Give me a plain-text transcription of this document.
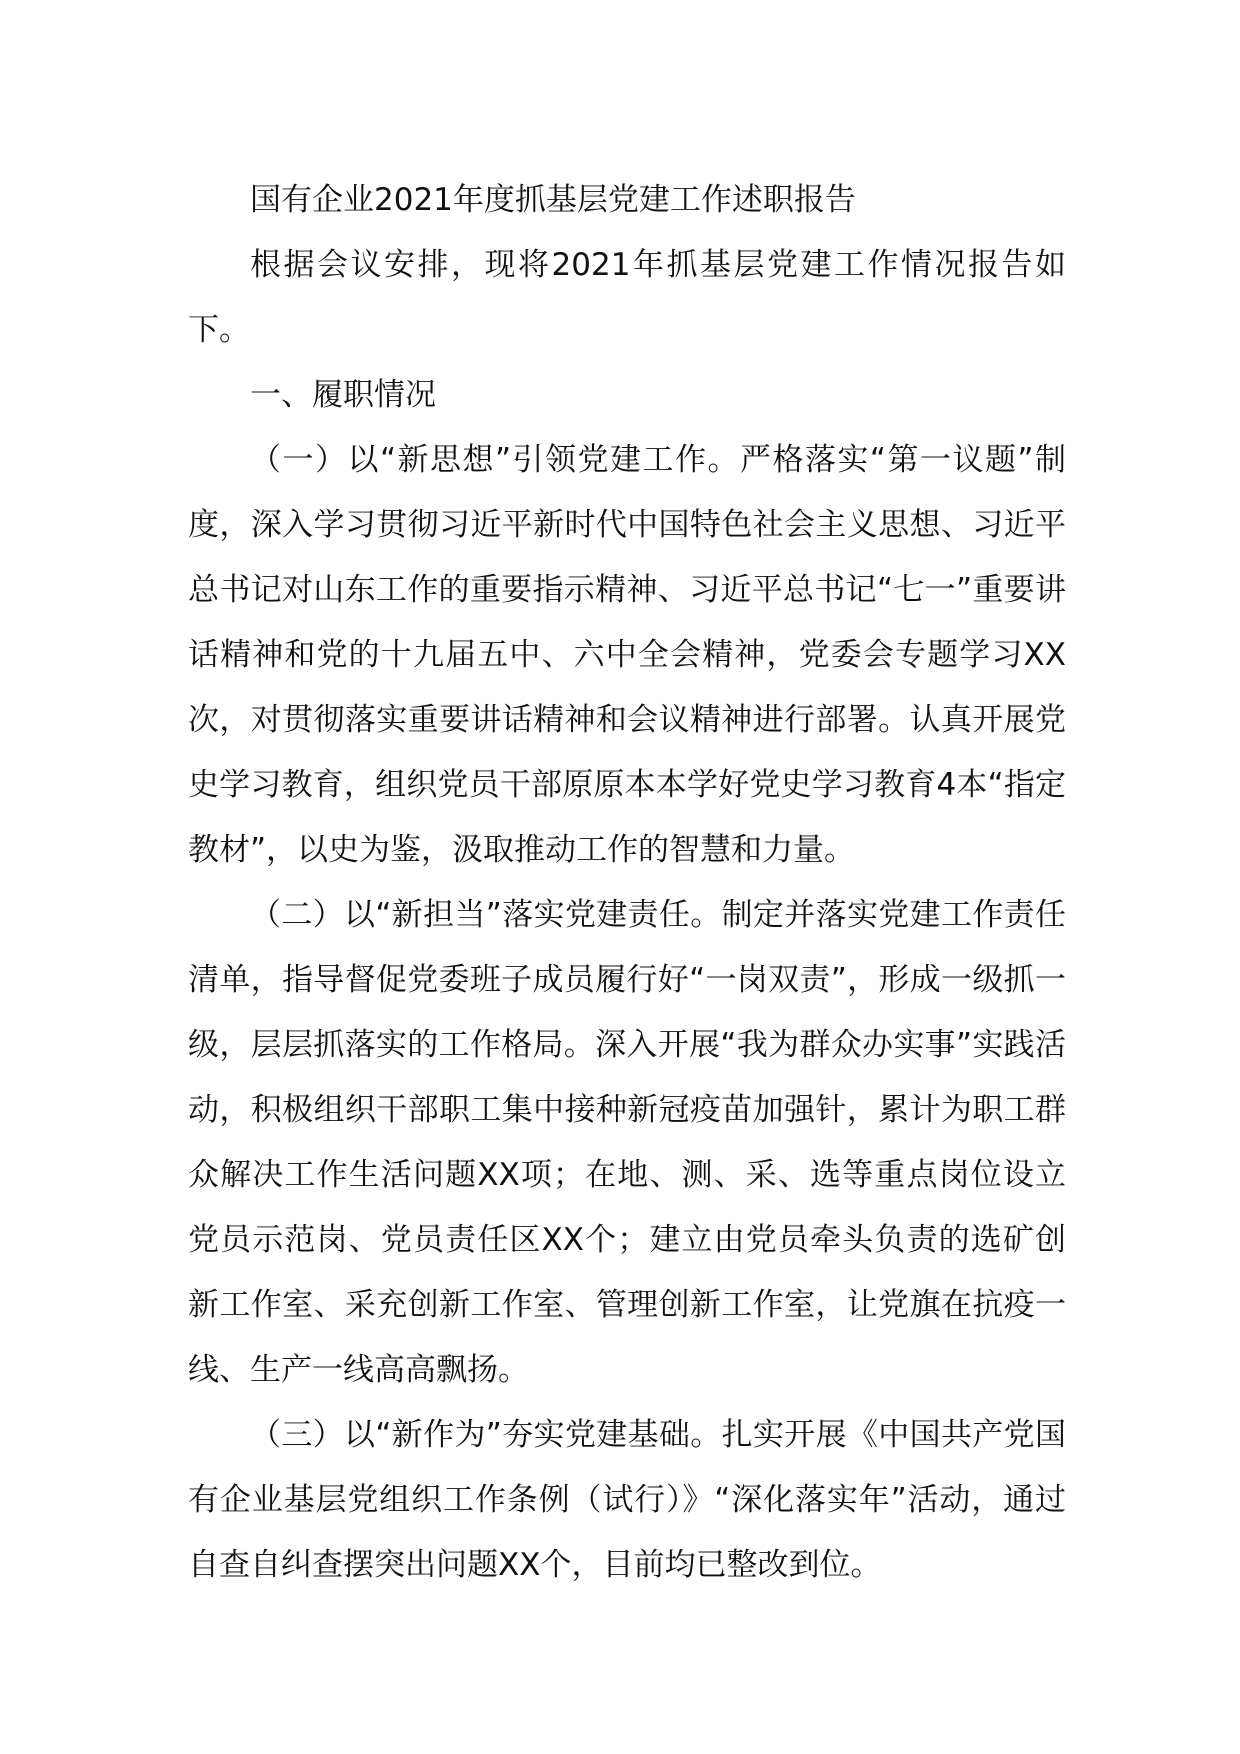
国有企业2021年度抓基层党建工作述职报告

根据会议安排，现将2021年抓基层党建工作情况报告如下。

一、履职情况

（一）以“新思想”引领党建工作。严格落实“第一议题”制度，深入学习贯彻习近平新时代中国特色社会主义思想、习近平总书记对山东工作的重要指示精神、习近平总书记“七一”重要讲话精神和党的十九届五中、六中全会精神，党委会专题学习XX次，对贯彻落实重要讲话精神和会议精神进行部署。认真开展党史学习教育，组织党员干部原原本本学好党史学习教育4本“指定教材”，以史为鉴，汲取推动工作的智慧和力量。

（二）以“新担当”落实党建责任。制定并落实党建工作责任清单，指导督促党委班子成员履行好“一岗双责”，形成一级抓一级，层层抓落实的工作格局。深入开展“我为群众办实事”实践活动，积极组织干部职工集中接种新冠疫苗加强针，累计为职工群众解决工作生活问题XX项；在地、测、采、选等重点岗位设立党员示范岗、党员责任区XX个；建立由党员牵头负责的选矿创新工作室、采充创新工作室、管理创新工作室，让党旗在抗疫一线、生产一线高高飘扬。

（三）以“新作为”夯实党建基础。扎实开展《中国共产党国有企业基层党组织工作条例（试行）》“深化落实年”活动，通过自查自纠查摆突出问题XX个，目前均已整改到位。
